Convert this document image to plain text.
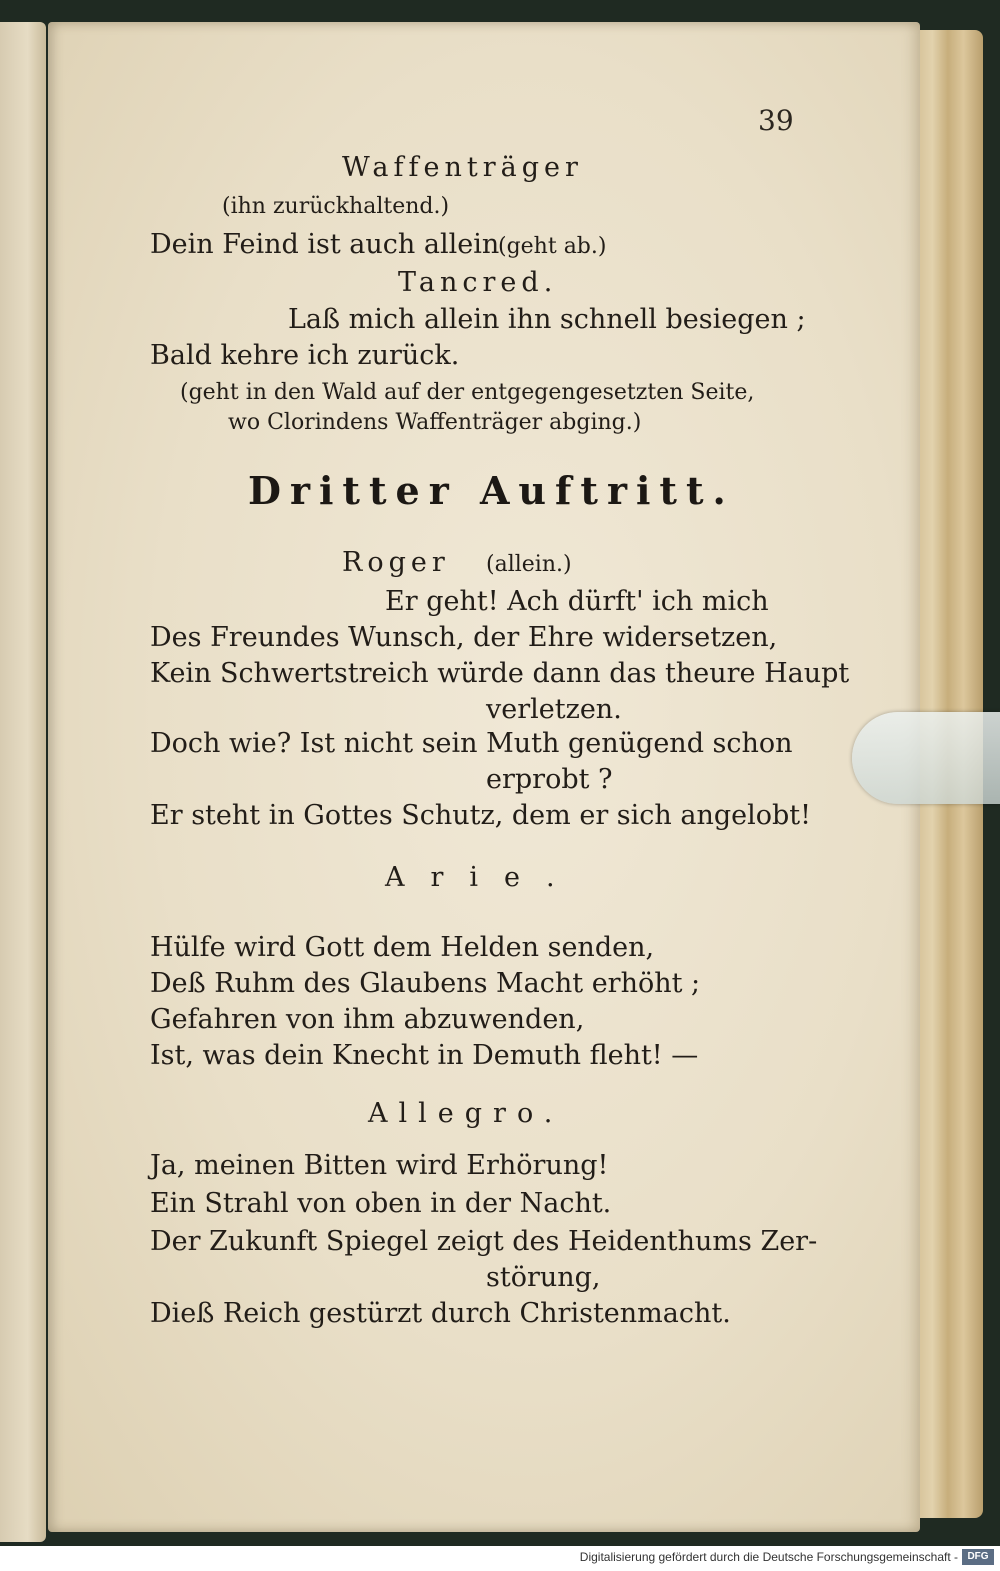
39

Waffenträger

(ihn zurückhaltend.)

Dein Feind ist auch allein

(geht ab.)

Tancred.

Laß mich allein ihn schnell besiegen ;

Bald kehre ich zurück.

(geht in den Wald auf der entgegengesetzten Seite,

wo Clorindens Waffenträger abging.)

Dritter Auftritt.

Roger (allein.)

Er geht! Ach dürft' ich mich

Des Freundes Wunsch, der Ehre widersetzen,

Kein Schwertstreich würde dann das theure Haupt

verletzen.

Doch wie? Ist nicht sein Muth genügend schon

erprobt ?

Er steht in Gottes Schutz, dem er sich angelobt!

Arie.

Hülfe wird Gott dem Helden senden,

Deß Ruhm des Glaubens Macht erhöht ;

Gefahren von ihm abzuwenden,

Ist, was dein Knecht in Demuth fleht! —

Allegro.

Ja, meinen Bitten wird Erhörung!

Ein Strahl von oben in der Nacht.

Der Zukunft Spiegel zeigt des Heidenthums Zer-

störung,

Dieß Reich gestürzt durch Christenmacht.

Digitalisierung gefördert durch die Deutsche Forschungsgemeinschaft - DFG
